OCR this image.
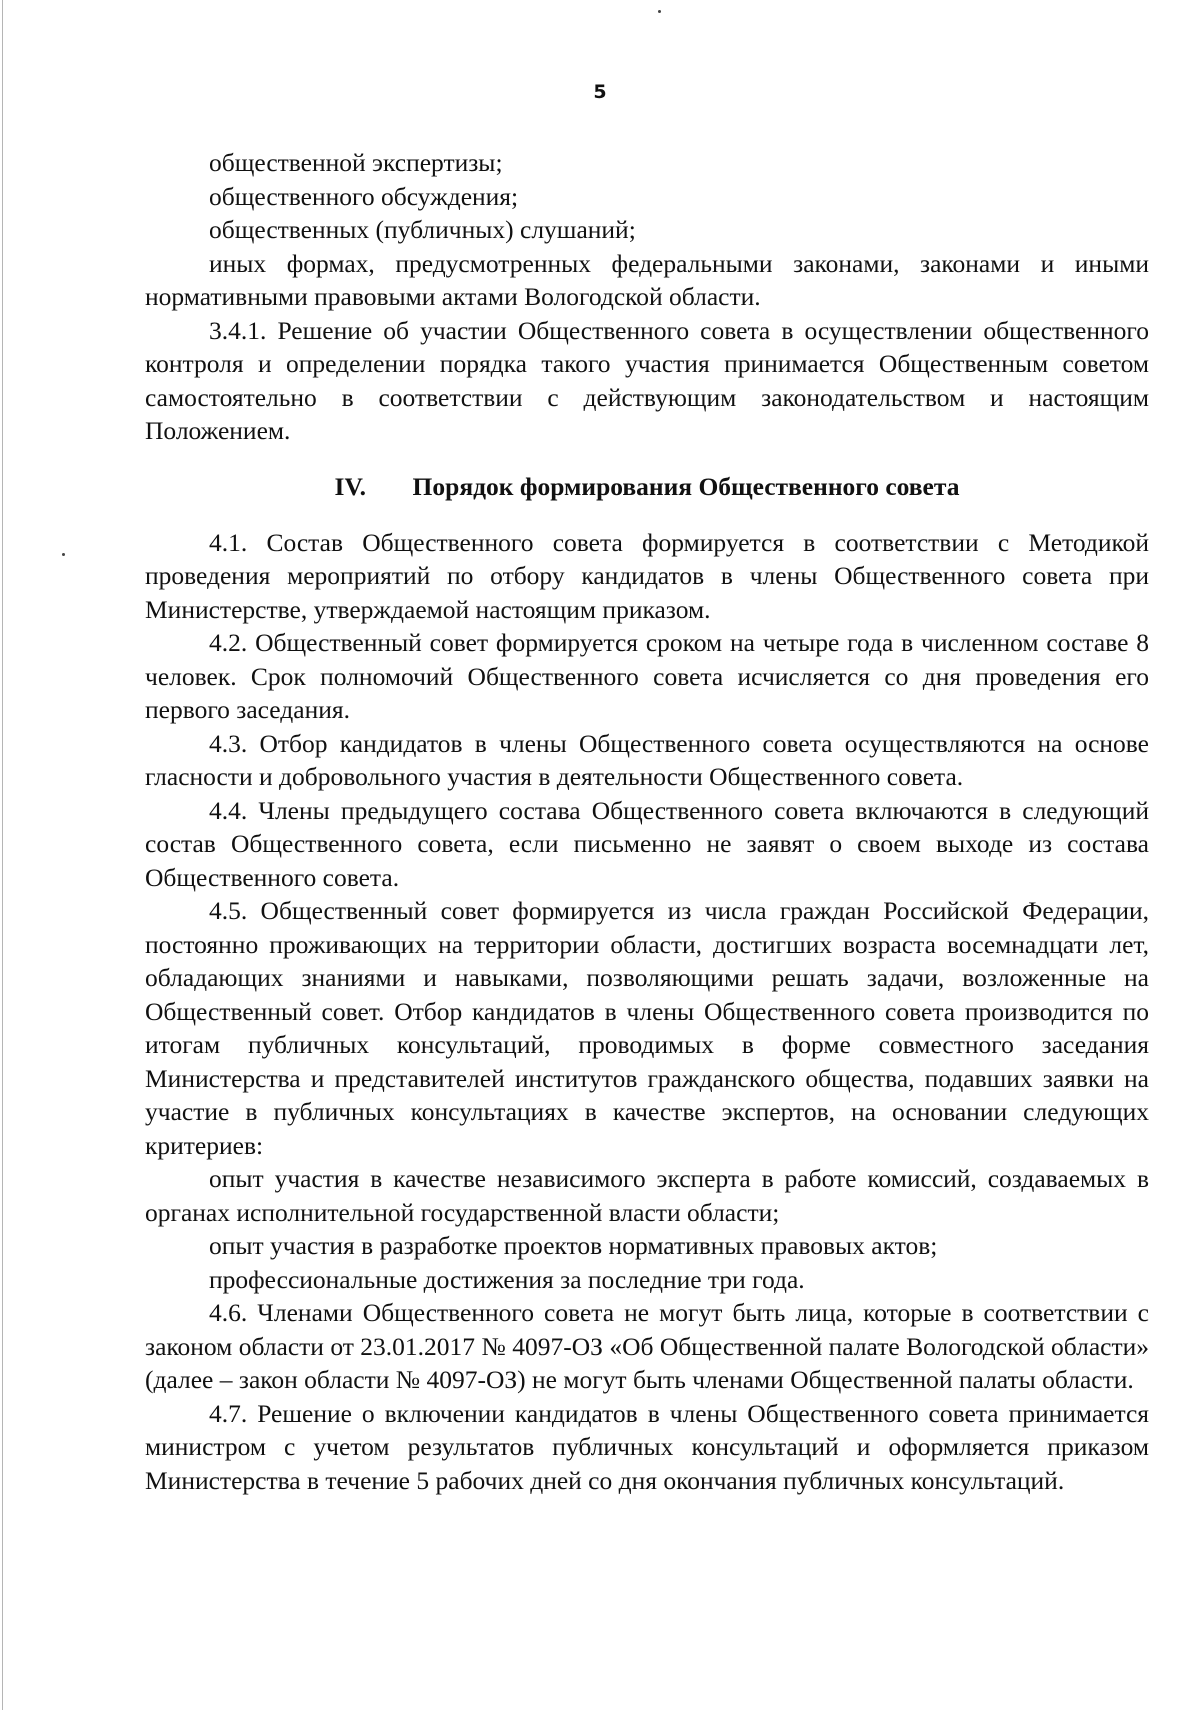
5

общественной экспертизы;

общественного обсуждения;

общественных (публичных) слушаний;

иных формах, предусмотренных федеральными законами, законами и иными нормативными правовыми актами Вологодской области.

3.4.1. Решение об участии Общественного совета в осуществлении общественного контроля и определении порядка такого участия принимается Общественным советом самостоятельно в соответствии с действующим законодательством и настоящим Положением.

IV. Порядок формирования Общественного совета

4.1. Состав Общественного совета формируется в соответствии с Методикой проведения мероприятий по отбору кандидатов в члены Общественного совета при Министерстве, утверждаемой настоящим приказом.

4.2. Общественный совет формируется сроком на четыре года в численном составе 8 человек. Срок полномочий Общественного совета исчисляется со дня проведения его первого заседания.

4.3. Отбор кандидатов в члены Общественного совета осуществляются на основе гласности и добровольного участия в деятельности Общественного совета.

4.4. Члены предыдущего состава Общественного совета включаются в следующий состав Общественного совета, если письменно не заявят о своем выходе из состава Общественного совета.

4.5. Общественный совет формируется из числа граждан Российской Федерации, постоянно проживающих на территории области, достигших возраста восемнадцати лет, обладающих знаниями и навыками, позволяющими решать задачи, возложенные на Общественный совет. Отбор кандидатов в члены Общественного совета производится по итогам публичных консультаций, проводимых в форме совместного заседания Министерства и представителей институтов гражданского общества, подавших заявки на участие в публичных консультациях в качестве экспертов, на основании следующих критериев:

опыт участия в качестве независимого эксперта в работе комиссий, создаваемых в органах исполнительной государственной власти области;

опыт участия в разработке проектов нормативных правовых актов;

профессиональные достижения за последние три года.

4.6. Членами Общественного совета не могут быть лица, которые в соответствии с законом области от 23.01.2017 № 4097-ОЗ «Об Общественной палате Вологодской области» (далее – закон области № 4097-ОЗ) не могут быть членами Общественной палаты области.

4.7. Решение о включении кандидатов в члены Общественного совета принимается министром с учетом результатов публичных консультаций и оформляется приказом Министерства в течение 5 рабочих дней со дня окончания публичных консультаций.
